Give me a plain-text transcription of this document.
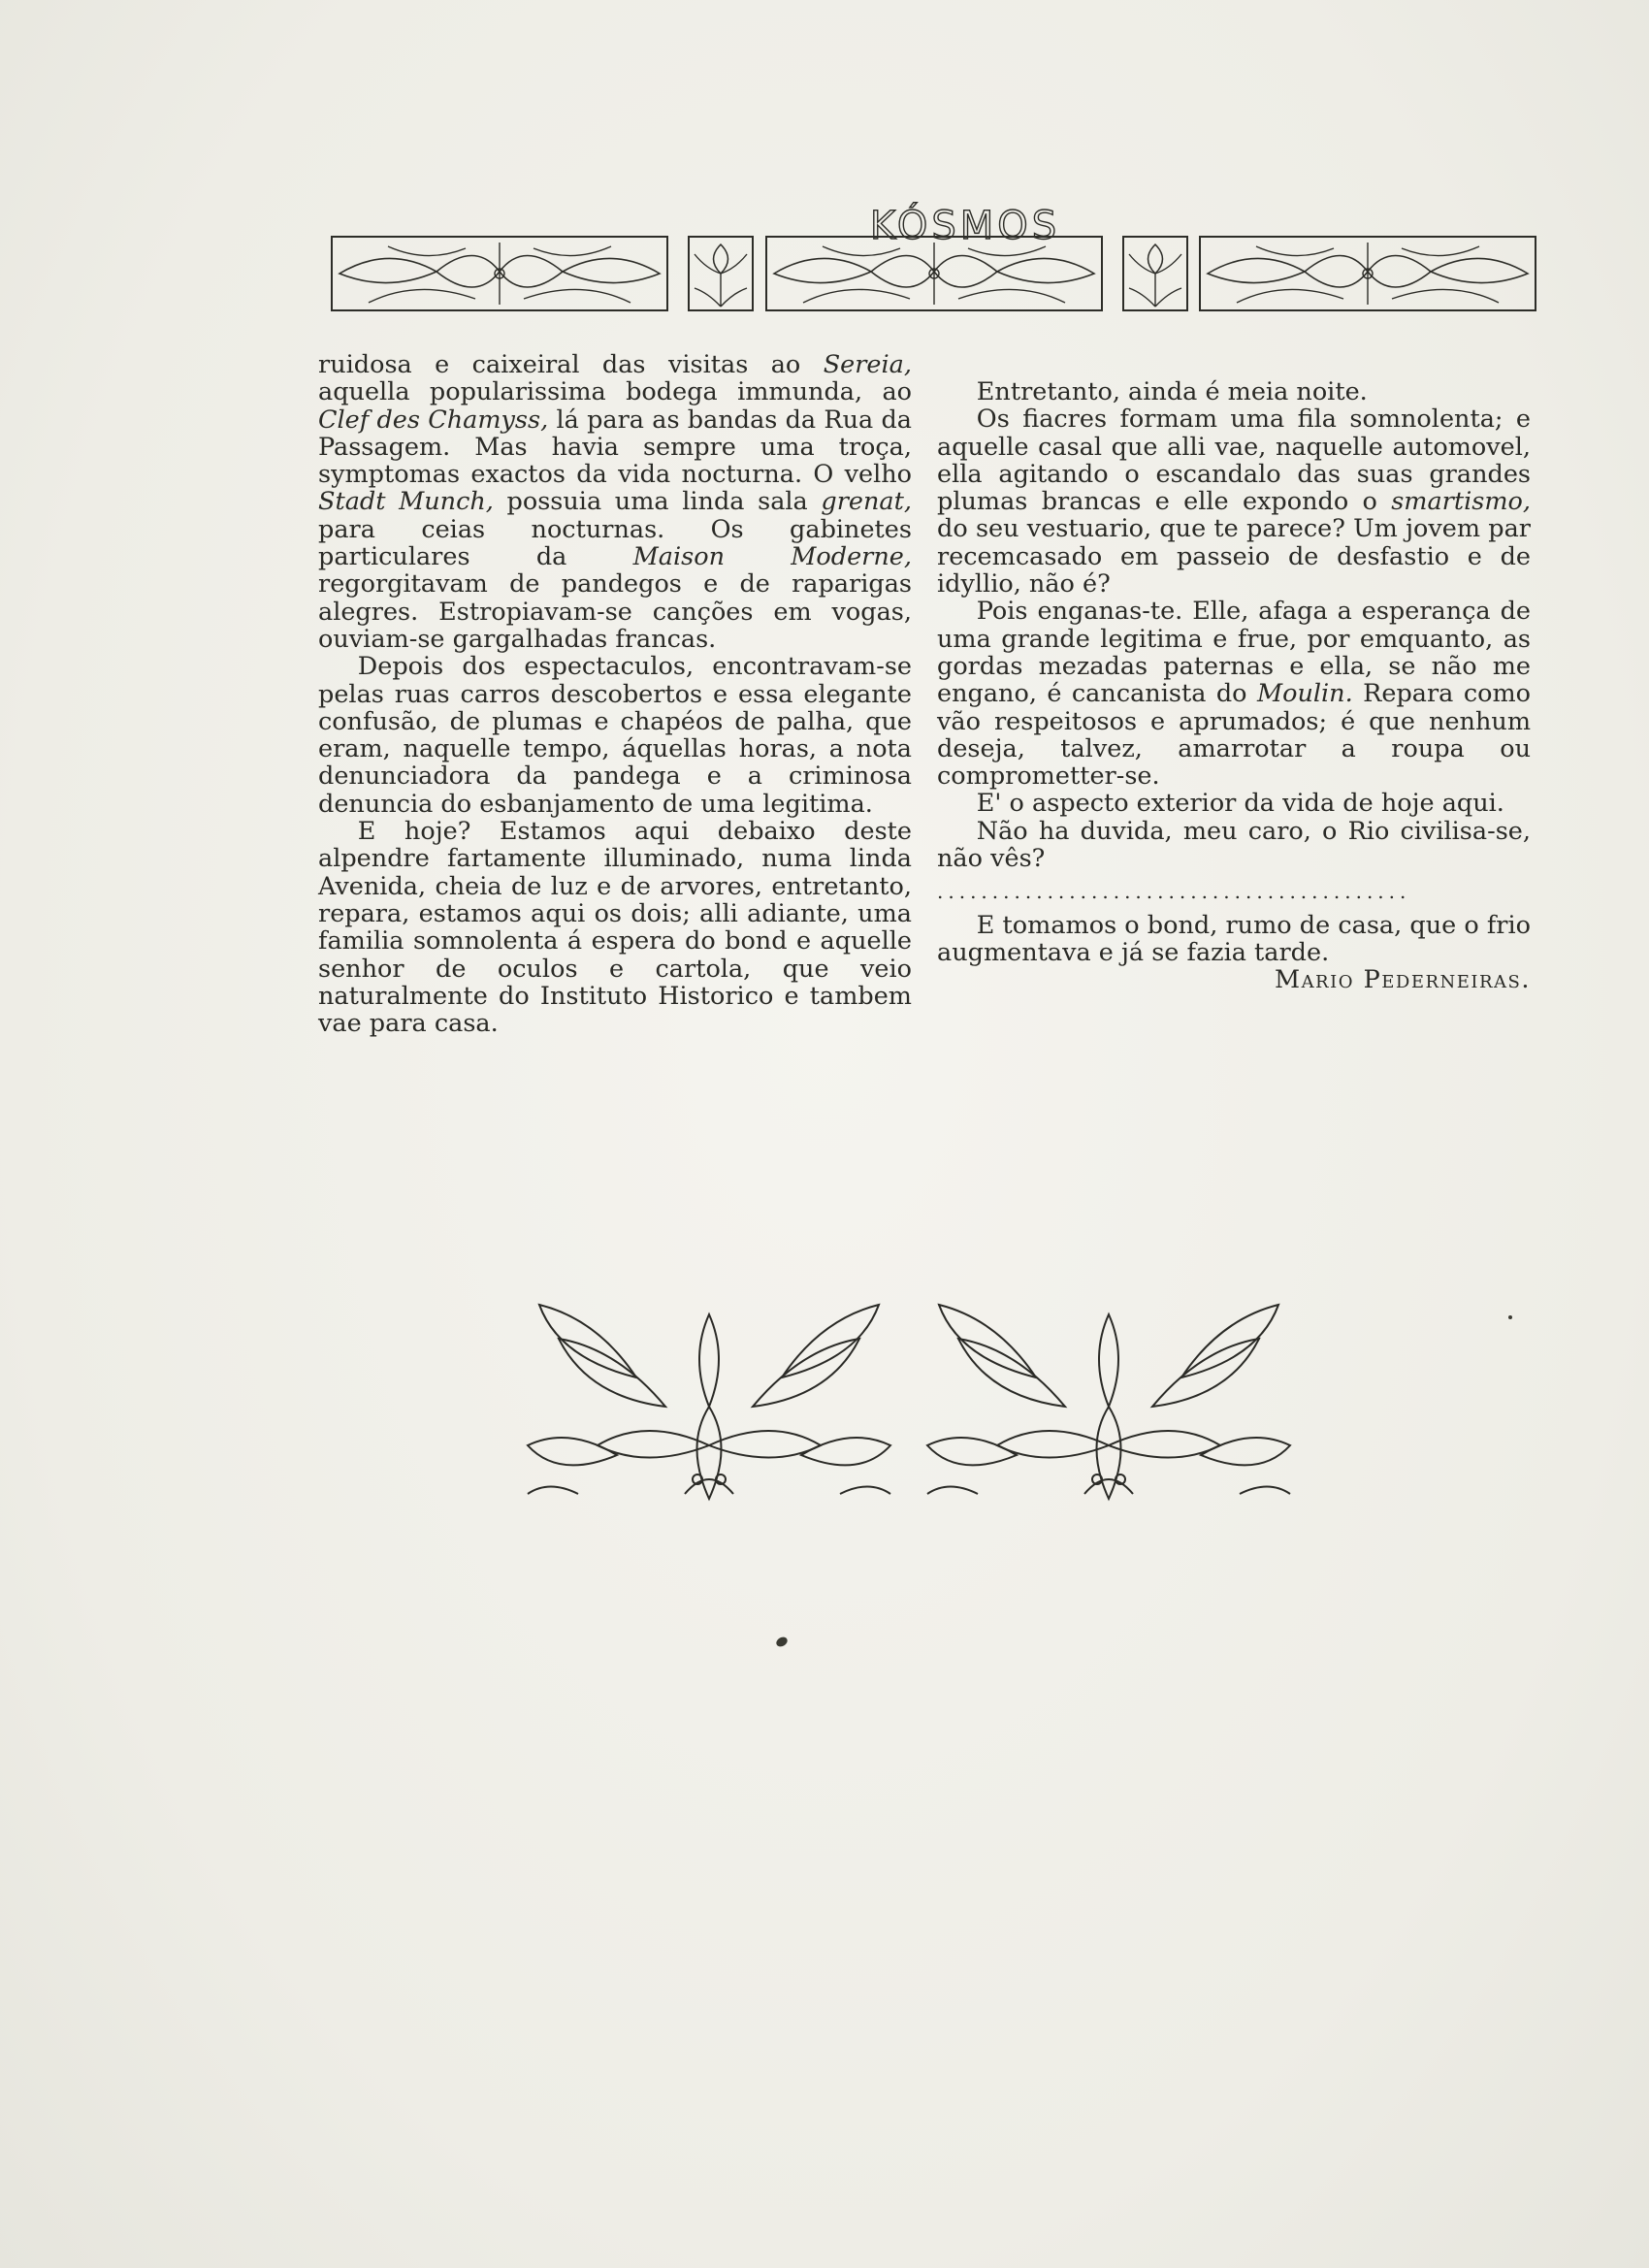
KÓSMOS

ruidosa e caixeiral das visitas ao Sereia, aquella popularissima bodega immunda, ao Clef des Chamyss, lá para as bandas da Rua da Passagem. Mas havia sempre uma troça, symptomas exactos da vida nocturna. O velho Stadt Munch, possuia uma linda sala grenat, para ceias nocturnas. Os gabinetes particulares da Maison Moderne, regorgitavam de pandegos e de raparigas alegres. Estropiavam-se canções em vogas, ouviam-se gargalhadas francas.

Depois dos espectaculos, encontravam-se pelas ruas carros descobertos e essa elegante confusão, de plumas e chapéos de palha, que eram, naquelle tempo, áquellas horas, a nota denunciadora da pandega e a criminosa denuncia do esbanjamento de uma legitima.

E hoje? Estamos aqui debaixo deste alpendre fartamente illuminado, numa linda Avenida, cheia de luz e de arvores, entretanto, repara, estamos aqui os dois; alli adiante, uma familia somnolenta á espera do bond e aquelle senhor de oculos e cartola, que veio naturalmente do Instituto Historico e tambem vae para casa.

Entretanto, ainda é meia noite.

Os fiacres formam uma fila somnolenta; e aquelle casal que alli vae, naquelle automovel, ella agitando o escandalo das suas grandes plumas brancas e elle expondo o smartismo, do seu vestuario, que te parece? Um jovem par recemcasado em passeio de desfastio e de idyllio, não é?

Pois enganas-te. Elle, afaga a esperança de uma grande legitima e frue, por emquanto, as gordas mezadas paternas e ella, se não me engano, é cancanista do Moulin. Repara como vão respeitosos e aprumados; é que nenhum deseja, talvez, amarrotar a roupa ou comprometter-se.

E' o aspecto exterior da vida de hoje aqui.

Não ha duvida, meu caro, o Rio civilisa-se, não vês?

...........................................

E tomamos o bond, rumo de casa, que o frio augmentava e já se fazia tarde.

Mario Pederneiras.
